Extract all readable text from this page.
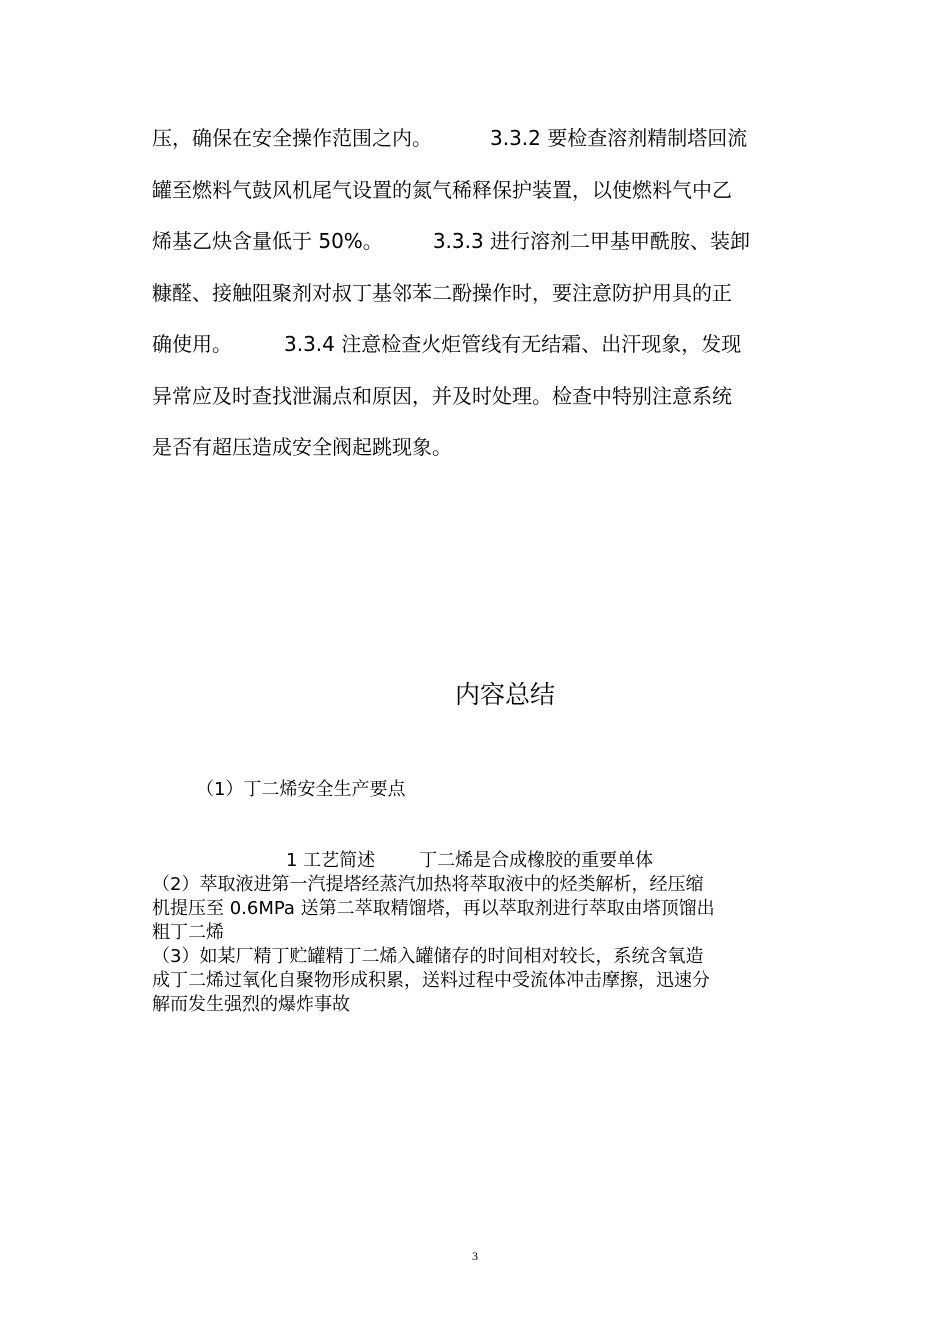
压，确保在安全操作范围之内。	3.3.2 要检查溶剂精制塔回流
罐至燃料气鼓风机尾气设置的氮气稀释保护装置，以使燃料气中乙
烯基乙炔含量低于 50%。	3.3.3 进行溶剂二甲基甲酰胺、装卸
糠醛、接触阻聚剂对叔丁基邻苯二酚操作时，要注意防护用具的正
确使用。	3.3.4 注意检查火炬管线有无结霜、出汗现象，发现
异常应及时查找泄漏点和原因，并及时处理。检查中特别注意系统
是否有超压造成安全阀起跳现象。
内容总结
（1）丁二烯安全生产要点
1 工艺简述 丁二烯是合成橡胶的重要单体
（2）萃取液进第一汽提塔经蒸汽加热将萃取液中的烃类解析，经压缩
机提压至 0.6MPa 送第二萃取精馏塔，再以萃取剂进行萃取由塔顶馏出
粗丁二烯
（3）如某厂精丁贮罐精丁二烯入罐储存的时间相对较长，系统含氧造
成丁二烯过氧化自聚物形成积累，送料过程中受流体冲击摩擦，迅速分
解而发生强烈的爆炸事故
3
